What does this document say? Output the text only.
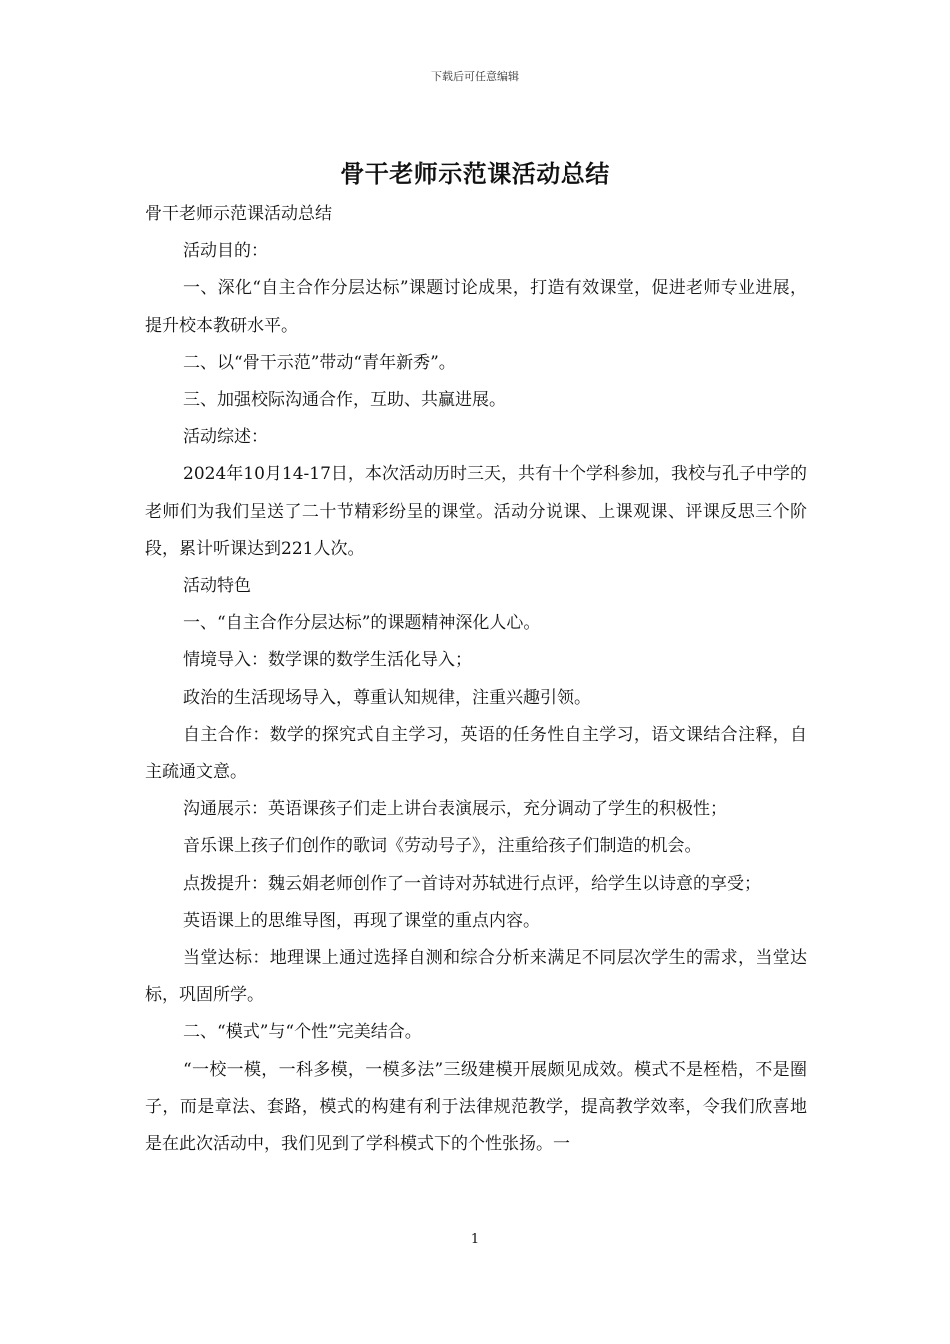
下载后可任意编辑
骨干老师示范课活动总结

骨干老师示范课活动总结

活动目的：

一、深化“自主合作分层达标”课题讨论成果，打造有效课堂，促进老师专业进展，提升校本教研水平。

二、以“骨干示范”带动“青年新秀”。

三、加强校际沟通合作，互助、共赢进展。

活动综述：

2024年10月14-17日，本次活动历时三天，共有十个学科参加，我校与孔子中学的老师们为我们呈送了二十节精彩纷呈的课堂。活动分说课、上课观课、评课反思三个阶段，累计听课达到221人次。

活动特色

一、“自主合作分层达标”的课题精神深化人心。

情境导入：数学课的数学生活化导入；

政治的生活现场导入，尊重认知规律，注重兴趣引领。

自主合作：数学的探究式自主学习，英语的任务性自主学习，语文课结合注释，自主疏通文意。

沟通展示：英语课孩子们走上讲台表演展示，充分调动了学生的积极性；

音乐课上孩子们创作的歌词《劳动号子》，注重给孩子们制造的机会。

点拨提升：魏云娟老师创作了一首诗对苏轼进行点评，给学生以诗意的享受；

英语课上的思维导图，再现了课堂的重点内容。

当堂达标：地理课上通过选择自测和综合分析来满足不同层次学生的需求，当堂达标，巩固所学。

二、“模式”与“个性”完美结合。

“一校一模，一科多模，一模多法”三级建模开展颇见成效。模式不是桎梏，不是圈子，而是章法、套路，模式的构建有利于法律规范教学，提高教学效率，令我们欣喜地是在此次活动中，我们见到了学科模式下的个性张扬。一

1
